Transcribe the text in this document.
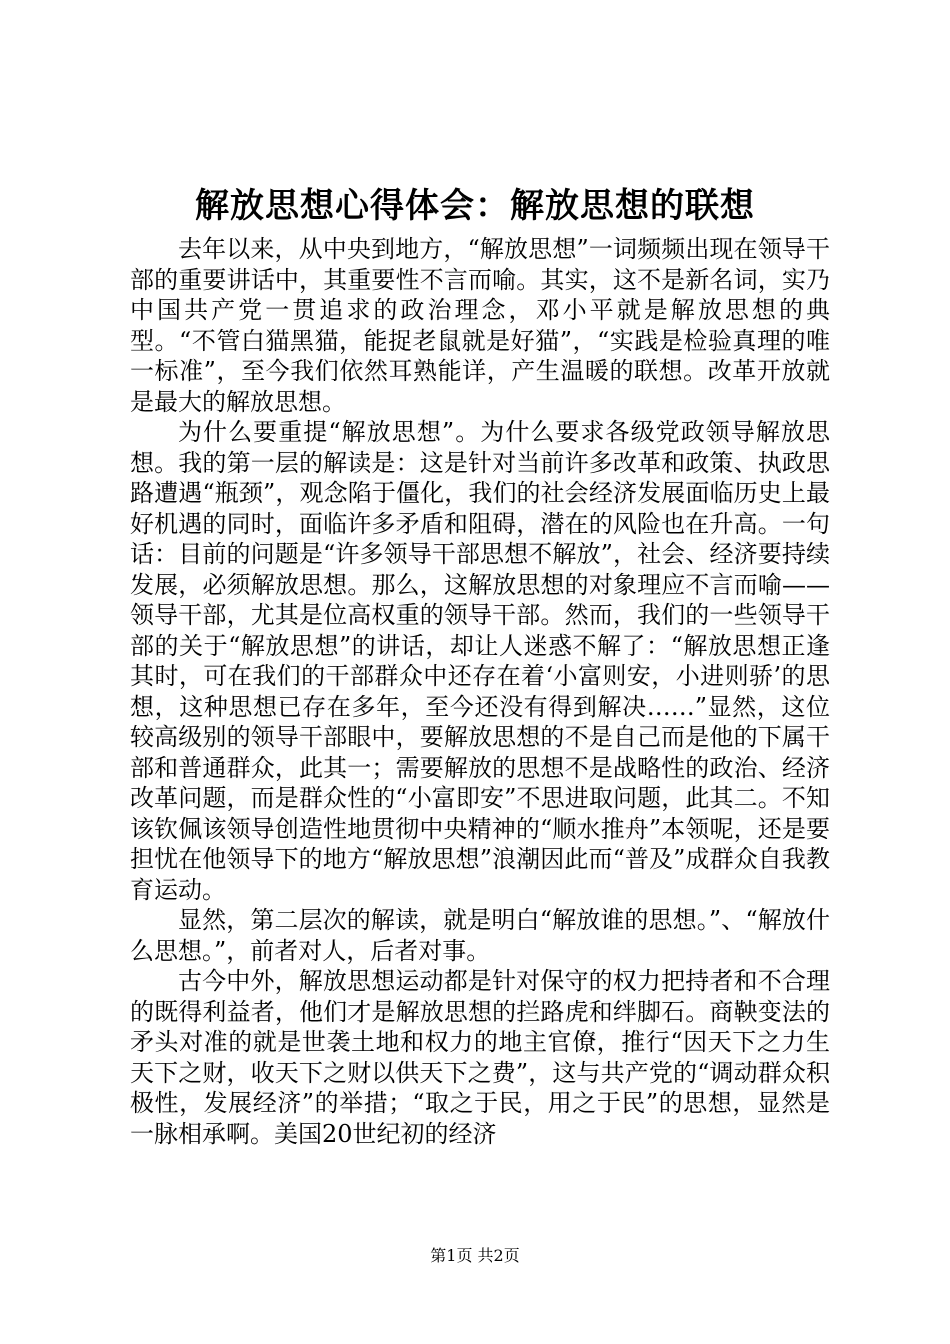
解放思想心得体会：解放思想的联想

去年以来，从中央到地方，“解放思想”一词频频出现在领导干部的重要讲话中，其重要性不言而喻。其实，这不是新名词，实乃中国共产党一贯追求的政治理念，邓小平就是解放思想的典型。“不管白猫黑猫，能捉老鼠就是好猫”，“实践是检验真理的唯一标准”，至今我们依然耳熟能详，产生温暖的联想。改革开放就是最大的解放思想。

为什么要重提“解放思想”。为什么要求各级党政领导解放思想。我的第一层的解读是：这是针对当前许多改革和政策、执政思路遭遇“瓶颈”，观念陷于僵化，我们的社会经济发展面临历史上最好机遇的同时，面临许多矛盾和阻碍，潜在的风险也在升高。一句话：目前的问题是“许多领导干部思想不解放”，社会、经济要持续发展，必须解放思想。那么，这解放思想的对象理应不言而喻——领导干部，尤其是位高权重的领导干部。然而，我们的一些领导干部的关于“解放思想”的讲话，却让人迷惑不解了：“解放思想正逢其时，可在我们的干部群众中还存在着‘小富则安，小进则骄’的思想，这种思想已存在多年，至今还没有得到解决……”显然，这位较高级别的领导干部眼中，要解放思想的不是自己而是他的下属干部和普通群众，此其一；需要解放的思想不是战略性的政治、经济改革问题，而是群众性的“小富即安”不思进取问题，此其二。不知该钦佩该领导创造性地贯彻中央精神的“顺水推舟”本领呢，还是要担忧在他领导下的地方“解放思想”浪潮因此而“普及”成群众自我教育运动。

显然，第二层次的解读，就是明白“解放谁的思想。”、“解放什么思想。”，前者对人，后者对事。

古今中外，解放思想运动都是针对保守的权力把持者和不合理的既得利益者，他们才是解放思想的拦路虎和绊脚石。商鞅变法的矛头对准的就是世袭土地和权力的地主官僚，推行“因天下之力生天下之财，收天下之财以供天下之费”，这与共产党的“调动群众积极性，发展经济”的举措；“取之于民，用之于民”的思想，显然是一脉相承啊。美国20世纪初的经济

第1页 共2页
